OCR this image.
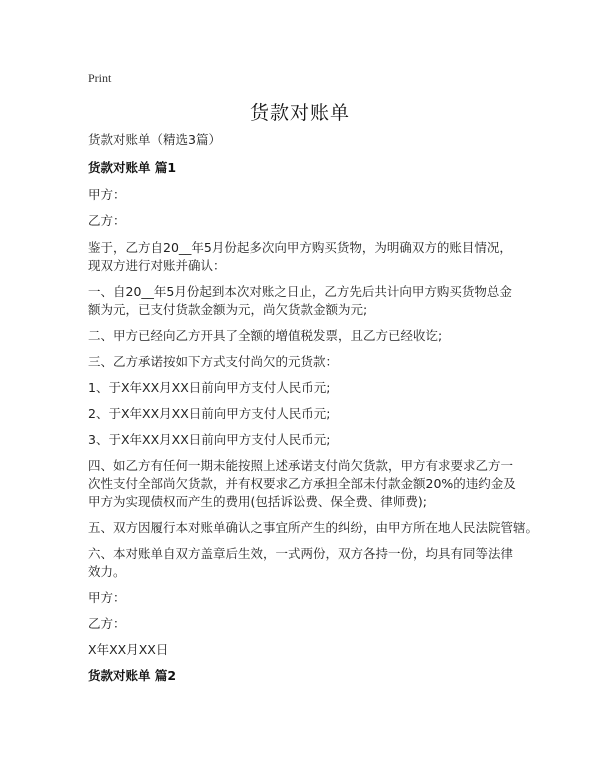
Print
货款对账单
货款对账单（精选3篇）
货款对账单 篇1
甲方：
乙方：
鉴于，乙方自20__年5月份起多次向甲方购买货物，为明确双方的账目情况，现双方进行对账并确认：
一、自20__年5月份起到本次对账之日止，乙方先后共计向甲方购买货物总金额为元，已支付货款金额为元，尚欠货款金额为元;
二、甲方已经向乙方开具了全额的增值税发票，且乙方已经收讫;
三、乙方承诺按如下方式支付尚欠的元货款：
1、于X年XX月XX日前向甲方支付人民币元;
2、于X年XX月XX日前向甲方支付人民币元;
3、于X年XX月XX日前向甲方支付人民币元;
四、如乙方有任何一期未能按照上述承诺支付尚欠货款，甲方有求要求乙方一次性支付全部尚欠货款，并有权要求乙方承担全部未付款金额20%的违约金及甲方为实现债权而产生的费用(包括诉讼费、保全费、律师费);
五、双方因履行本对账单确认之事宜所产生的纠纷，由甲方所在地人民法院管辖。
六、本对账单自双方盖章后生效，一式两份，双方各持一份，均具有同等法律效力。
甲方：
乙方：
X年XX月XX日
货款对账单 篇2
